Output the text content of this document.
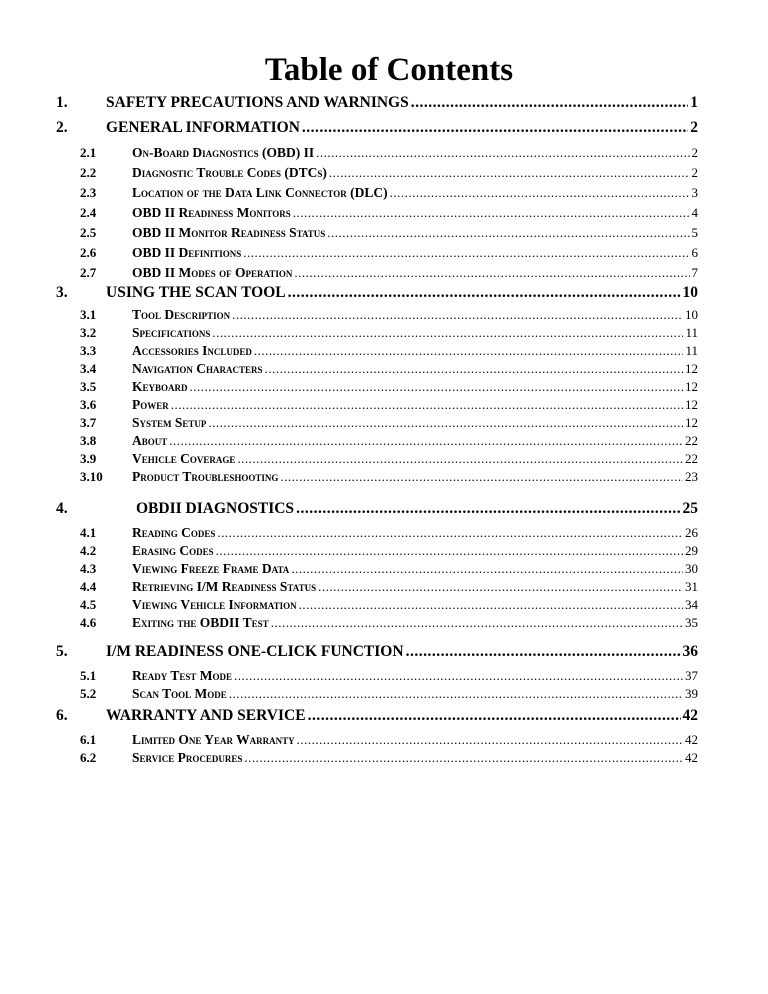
Table of Contents
1.	SAFETY PRECAUTIONS AND WARNINGS .....	1
2.	GENERAL INFORMATION .....	2
2.1	On-Board Diagnostics (OBD) II .....	2
2.2	Diagnostic Trouble Codes (DTCs) .....	2
2.3	Location of the Data Link Connector (DLC) .....	3
2.4	OBD II Readiness Monitors .....	4
2.5	OBD II Monitor Readiness Status .....	5
2.6	OBD II Definitions .....	6
2.7	OBD II Modes of Operation .....	7
3.	USING THE SCAN TOOL .....	10
3.1	Tool Description .....	10
3.2	Specifications .....	11
3.3	Accessories Included .....	11
3.4	Navigation Characters .....	12
3.5	Keyboard .....	12
3.6	Power .....	12
3.7	System Setup .....	12
3.8	About .....	22
3.9	Vehicle Coverage .....	22
3.10	Product Troubleshooting .....	23
4.	OBDII DIAGNOSTICS .....	25
4.1	Reading Codes .....	26
4.2	Erasing Codes .....	29
4.3	Viewing Freeze Frame Data .....	30
4.4	Retrieving I/M Readiness Status .....	31
4.5	Viewing Vehicle Information .....	34
4.6	Exiting the OBDII Test .....	35
5.	I/M READINESS ONE-CLICK FUNCTION .....	36
5.1	Ready Test Mode .....	37
5.2	Scan Tool Mode .....	39
6.	WARRANTY AND SERVICE .....	42
6.1	Limited One Year Warranty .....	42
6.2	Service Procedures .....	42
